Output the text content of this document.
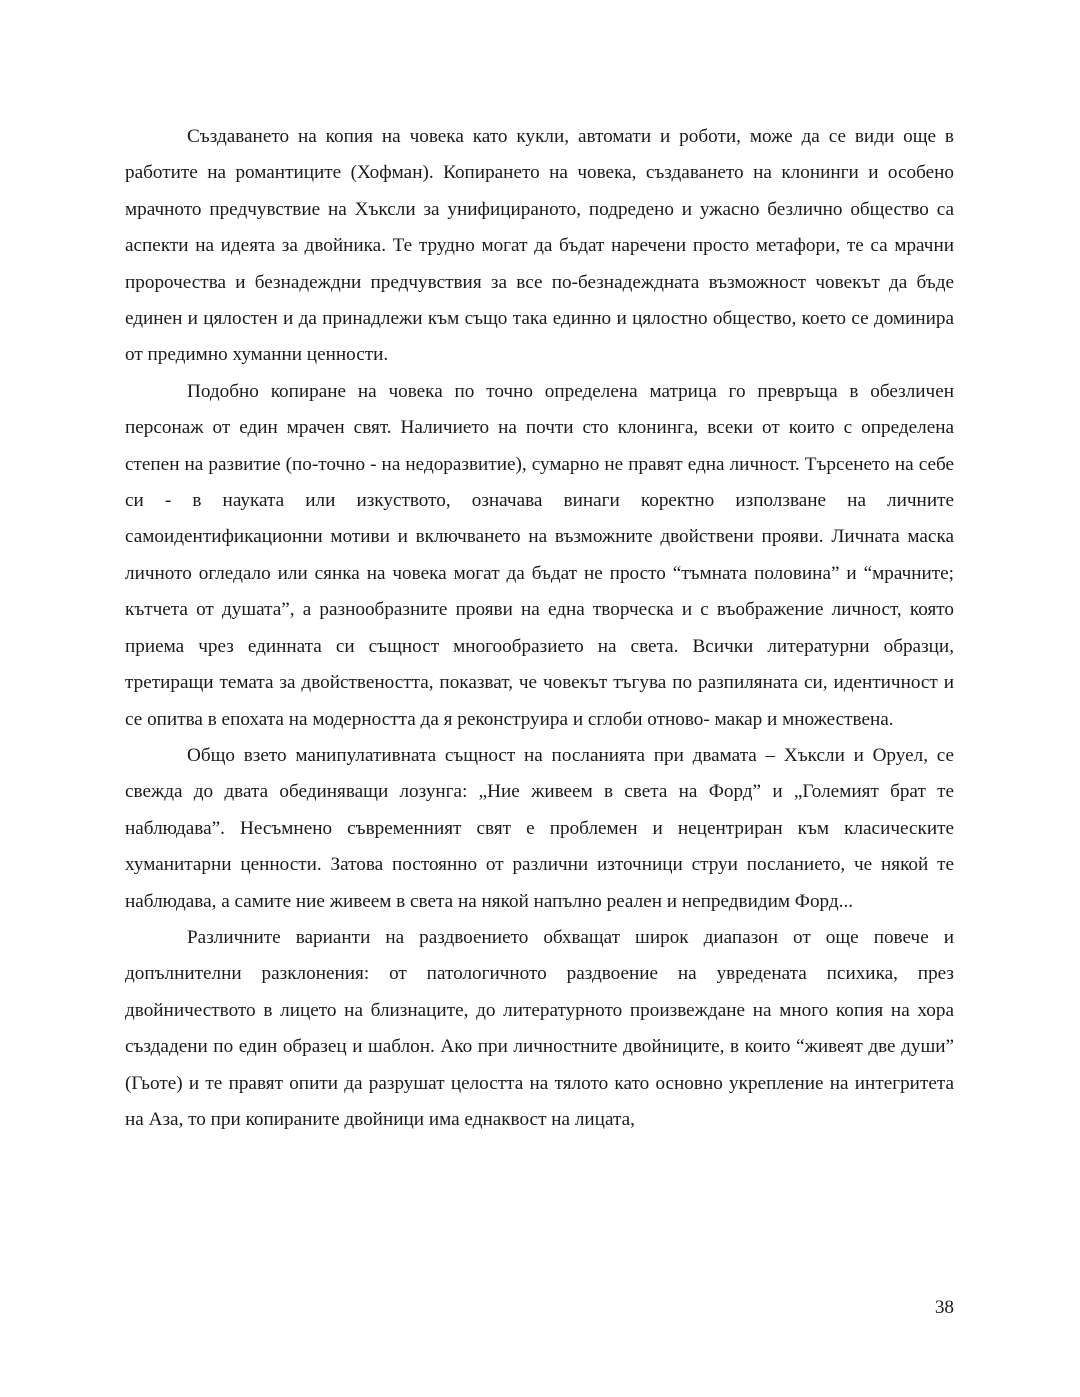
Създаването на копия на човека като кукли, автомати и роботи, може да се види още в работите на романтиците (Хофман). Копирането на човека, създаването на клонинги и особено мрачното предчувствие на Хъксли за унифицираното, подредено и ужасно безлично общество са аспекти на идеята за двойника. Те трудно могат да бъдат наречени просто метафори, те са мрачни пророчества и безнадеждни предчувствия за все по-безнадеждната възможност човекът да бъде единен и цялостен и да принадлежи към също така единно и цялостно общество, което се доминира от предимно хуманни ценности.

Подобно копиране на човека по точно определена матрица го превръща в обезличен персонаж от един мрачен свят. Наличието на почти сто клонинга, всеки от които с определена степен на развитие (по-точно - на недоразвитие), сумарно не правят една личност. Търсенето на себе си - в науката или изкуството, означава винаги коректно използване на личните самоидентификационни мотиви и включването на възможните двойствени прояви. Личната маска личното огледало или сянка на човека могат да бъдат не просто “тъмната половина” и “мрачните; кътчета от душата”, а разнообразните прояви на една творческа и с въображение личност, която приема чрез единната си същност многообразието на света. Всички литературни образци, третиращи темата за двойствеността, показват, че човекът тъгува по разпиляната си, идентичност и се опитва в епохата на модерността да я реконструира и сглоби отново- макар и множествена.

Общо взето манипулативната същност на посланията при двамата – Хъксли и Оруел, се свежда до двата обединяващи лозунга: „Ние живеем в света на Форд” и „Големият брат те наблюдава”. Несъмнено съвременният свят е проблемен и нецентриран към класическите хуманитарни ценности. Затова постоянно от различни източници струи посланието, че някой те наблюдава, а самите ние живеем в света на някой напълно реален и непредвидим Форд...

Различните варианти на раздвоението обхващат широк диапазон от още повече и допълнителни разклонения: от патологичното раздвоение на увредената психика, през двойничеството в лицето на близнаците, до литературното произвеждане на много копия на хора създадени по един образец и шаблон. Ако при личностните двойниците, в които “живеят две души” (Гьоте) и те правят опити да разрушат целостта на тялото като основно укрепление на интегритета на Аза, то при копираните двойници има еднаквост на лицата,

38
